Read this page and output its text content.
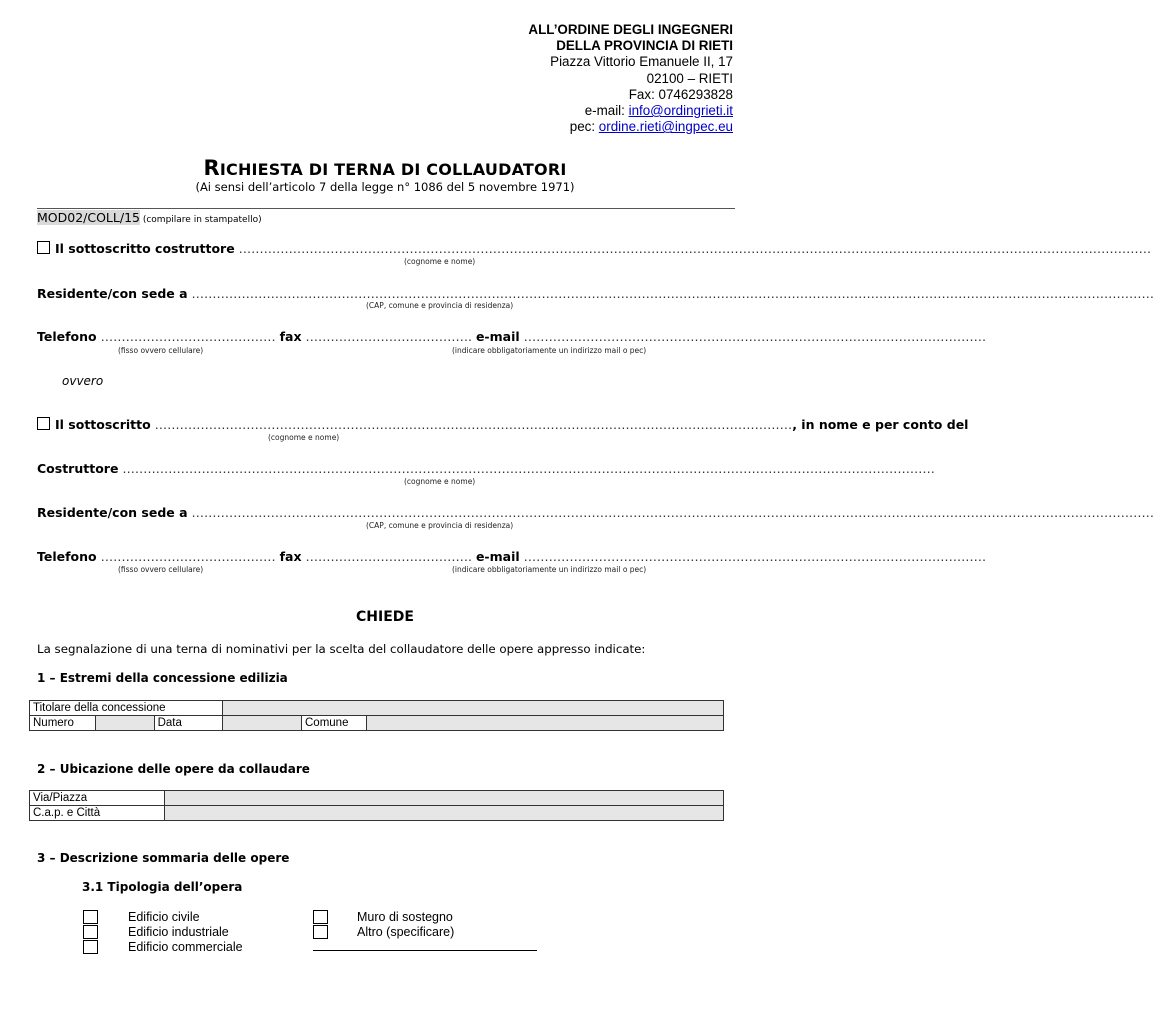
ALL’ORDINE DEGLI INGEGNERI
DELLA PROVINCIA DI RIETI
Piazza Vittorio Emanuele II, 17
02100 – RIETI
Fax: 0746293828
e-mail: info@ordingrieti.it
pec: ordine.rieti@ingpec.eu
RICHIESTA DI TERNA DI COLLAUDATORI
(Ai sensi dell’articolo 7 della legge n° 1086 del 5 novembre 1971)
MOD02/COLL/15 (compilare in stampatello)
Il sottoscritto costruttore …………………………………………………………………………………………………………………………………………………………………………………………………
(cognome e nome)
Residente/con sede a ……………………………………………………………………………………………………………………………………………………………………………………………………………
(CAP, comune e provincia di residenza)
Telefono …………………………………… fax …………………………………. e-mail …………………………………………………………………………………………………
(fisso ovvero cellulare)	(indicare obbligatoriamente un indirizzo mail o pec)
ovvero
Il sottoscritto ………………………………………………………………………………………………………………………………………, in nome e per conto del
(cognome e nome)
Costruttore ……………………………………………………………………………………………………………………………………………………………………………
(cognome e nome)
Residente/con sede a ……………………………………………………………………………………………………………………………………………………………………………………………………………
(CAP, comune e provincia di residenza)
Telefono …………………………………… fax …………………………………. e-mail …………………………………………………………………………………………………
(fisso ovvero cellulare)	(indicare obbligatoriamente un indirizzo mail o pec)
CHIEDE
La segnalazione di una terna di nominativi per la scelta del collaudatore delle opere appresso indicate:
1 – Estremi della concessione edilizia
Titolare della concessione					
Numero		Data		Comune	
2 – Ubicazione delle opere da collaudare
Via/Piazza	
C.a.p. e Città	
3 – Descrizione sommaria delle opere
3.1 Tipologia dell’opera
Edificio civile
Edificio industriale
Edificio commerciale
Muro di sostegno
Altro (specificare)
